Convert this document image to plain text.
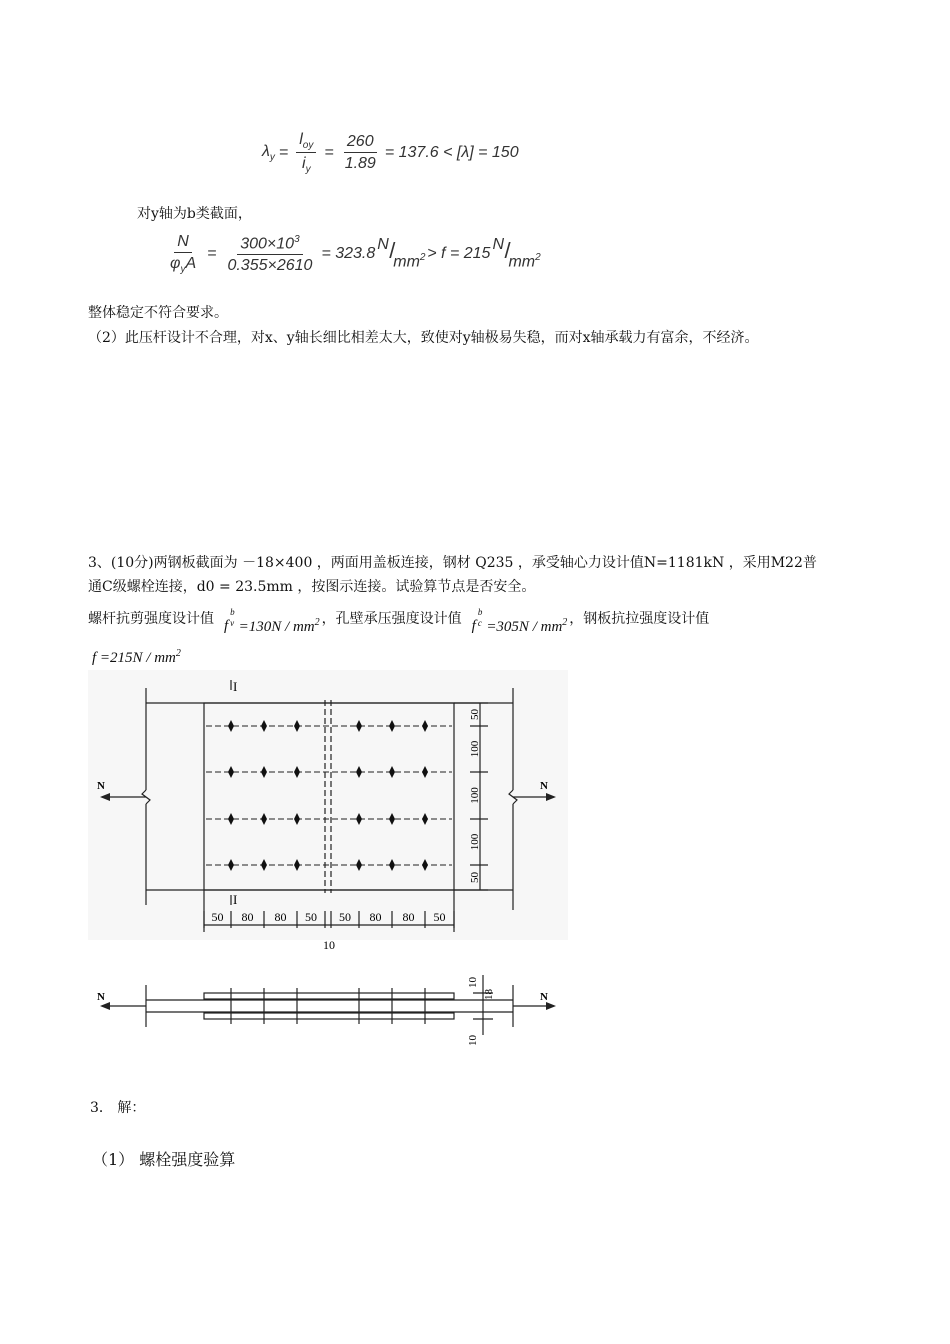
$\lambda_y = \frac{l_{oy}}{i_y} = \frac{260}{1.89} = 137.6 < [\lambda] = 150$
对y轴为b类截面，
$\frac{N}{\varphi_yA} = \frac{300\times 10^3}{0.355\times 2610} = 323.8$
N /
$mm^2 > f = 215$
N /
$mm^2$
整体稳定不符合要求。
（2）此压杆设计不合理，对x、y轴长细比相差太大，致使对y轴极易失稳，而对x轴承载力有富余，不经济。
3、(10分)两钢板截面为 －18×400 ，两面用盖板连接，钢材 Q235 ，承受轴心力设计值N=1181kN ，采用M22普
通C级螺栓连接，d0 = 23.5mm ，按图示连接。试验算节点是否安全。
螺杆抗剪强度设计值 f
b
$v =130N / mm^2$ ，孔壁承压强度设计值 f
b
$c =305N / mm^2$ ，钢板抗拉强度设计值
$f =215N / mm^2$
I
I
N	N
50
100
100
100
50
50 80 80 50 50 80 80 50
10
N	N
10
18
10
3． 解：
（1） 螺栓强度验算
